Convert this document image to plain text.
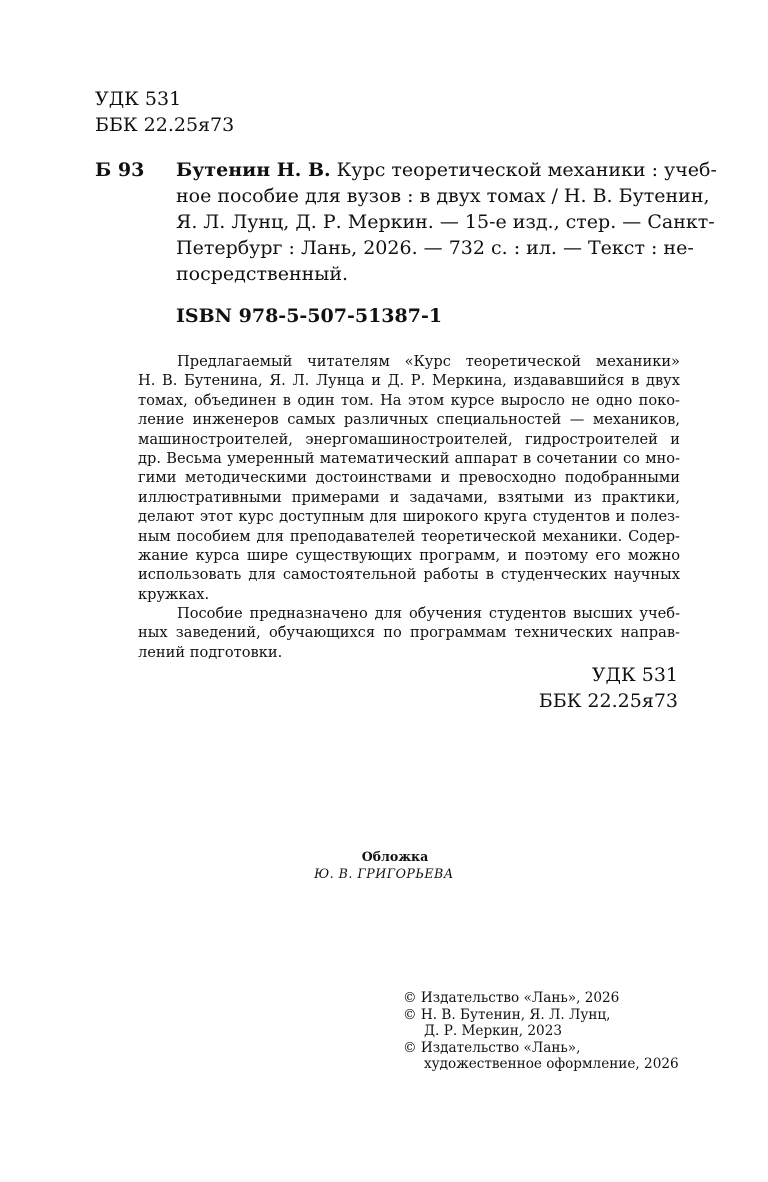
УДК 531
ББК 22.25я73
Б 93 Бутенин Н. В. Курс теоретической механики : учеб-
ное пособие для вузов : в двух томах / Н. В. Бутенин,
Я. Л. Лунц, Д. Р. Меркин. — 15-е изд., стер. — Санкт-
Петербург : Лань, 2026. — 732 с. : ил. — Текст : не-
посредственный.
ISBN 978-5-507-51387-1
Предлагаемый читателям «Курс теоретической механики»
Н. В. Бутенина, Я. Л. Лунца и Д. Р. Меркина, издававшийся в двух
томах, объединен в один том. На этом курсе выросло не одно поко-
ление инженеров самых различных специальностей — механиков,
машиностроителей, энергомашиностроителей, гидростроителей и
др. Весьма умеренный математический аппарат в сочетании со мно-
гими методическими достоинствами и превосходно подобранными
иллюстративными примерами и задачами, взятыми из практики,
делают этот курс доступным для широкого круга студентов и полез-
ным пособием для преподавателей теоретической механики. Содер-
жание курса шире существующих программ, и поэтому его можно
использовать для самостоятельной работы в студенческих научных
кружках.
Пособие предназначено для обучения студентов высших учеб-
ных заведений, обучающихся по программам технических направ-
лений подготовки.
УДК 531
ББК 22.25я73
Обложка
Ю. В. ГРИГОРЬЕВА
© Издательство «Лань», 2026
© Н. В. Бутенин, Я. Л. Лунц,
Д. Р. Меркин, 2023
© Издательство «Лань»,
художественное оформление, 2026
